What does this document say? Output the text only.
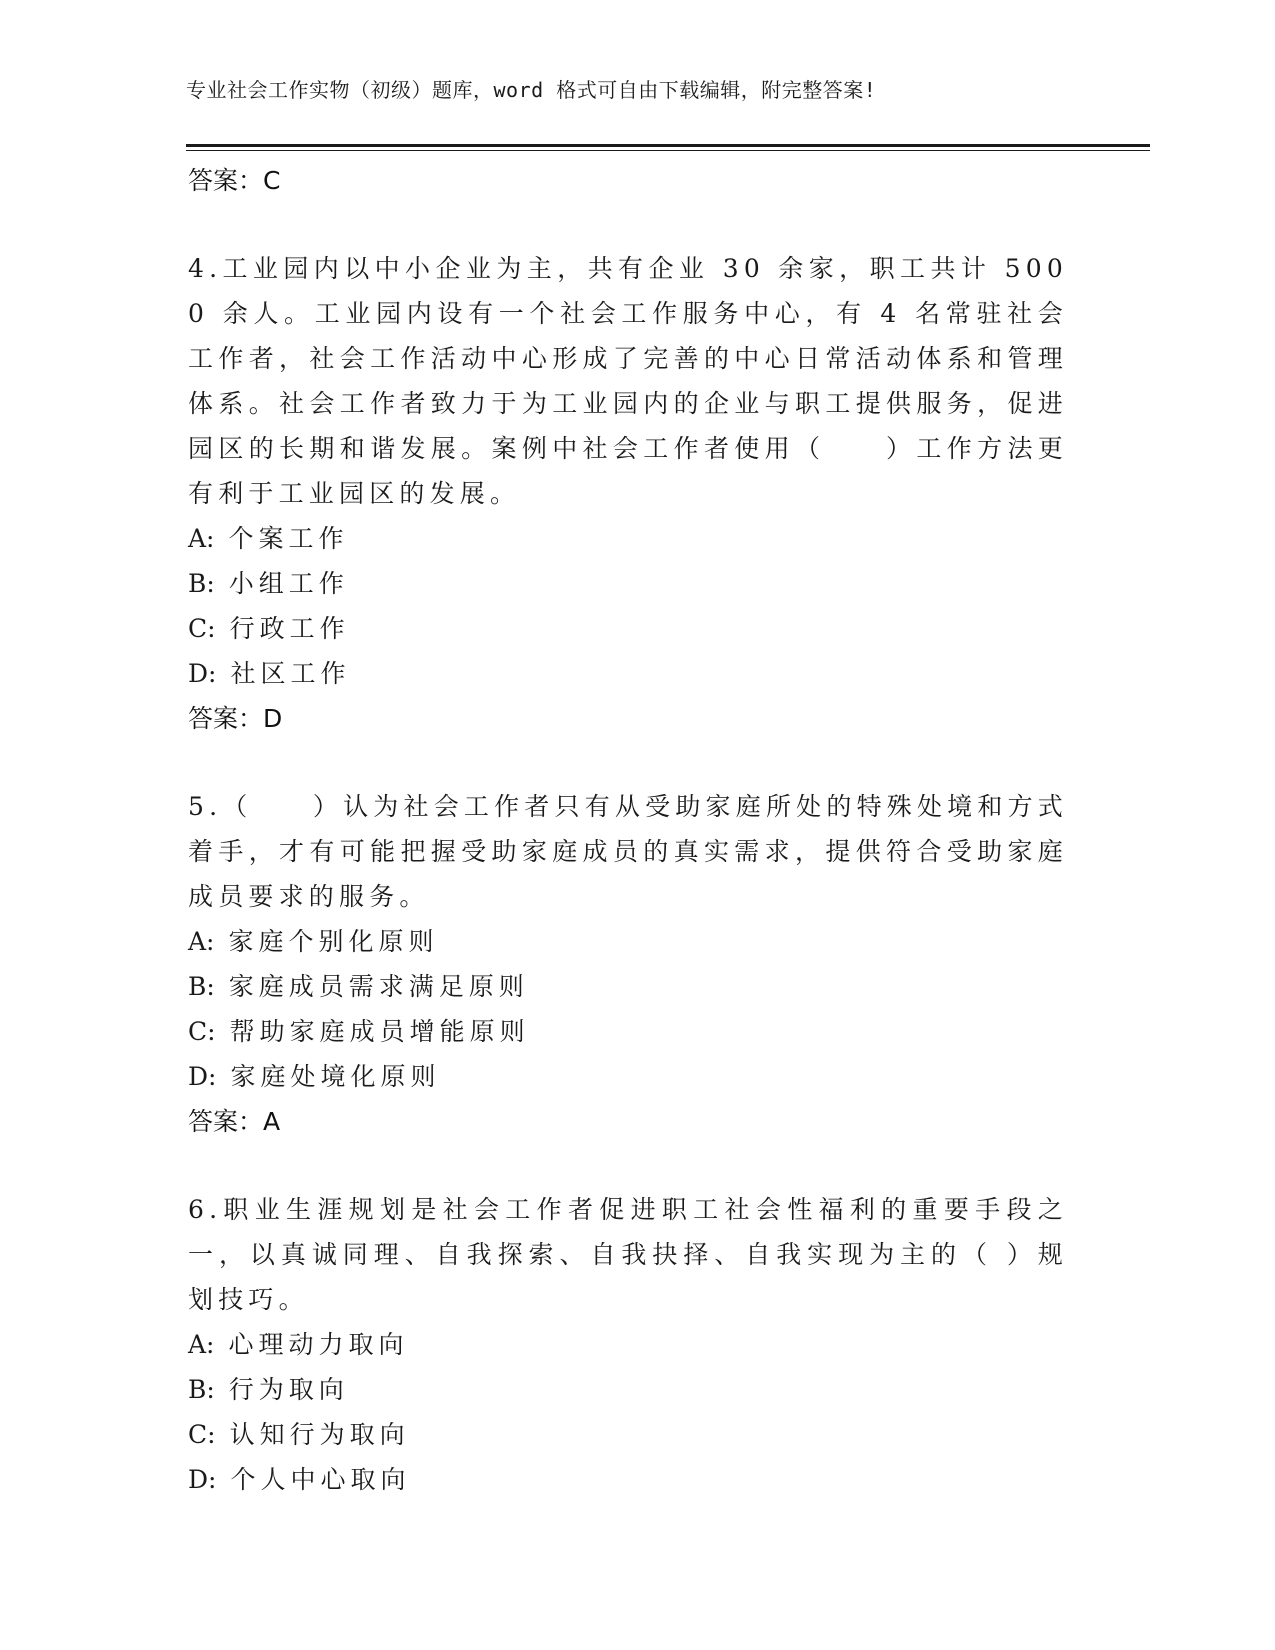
专业社会工作实物（初级）题库，word 格式可自由下载编辑，附完整答案!
答案：C
4.工业园内以中小企业为主，共有企业 30 余家，职工共计 5000 余人。工业园内设有一个社会工作服务中心，有 4 名常驻社会工作者，社会工作活动中心形成了完善的中心日常活动体系和管理体系。社会工作者致力于为工业园内的企业与职工提供服务，促进园区的长期和谐发展。案例中社会工作者使用（　　）工作方法更有利于工业园区的发展。
A: 个案工作
B: 小组工作
C: 行政工作
D: 社区工作
答案：D
5.（　　）认为社会工作者只有从受助家庭所处的特殊处境和方式着手，才有可能把握受助家庭成员的真实需求，提供符合受助家庭成员要求的服务。
A: 家庭个别化原则
B: 家庭成员需求满足原则
C: 帮助家庭成员增能原则
D: 家庭处境化原则
答案：A
6.职业生涯规划是社会工作者促进职工社会性福利的重要手段之一，以真诚同理、自我探索、自我抉择、自我实现为主的（ ）规划技巧。
A: 心理动力取向
B: 行为取向
C: 认知行为取向
D: 个人中心取向
